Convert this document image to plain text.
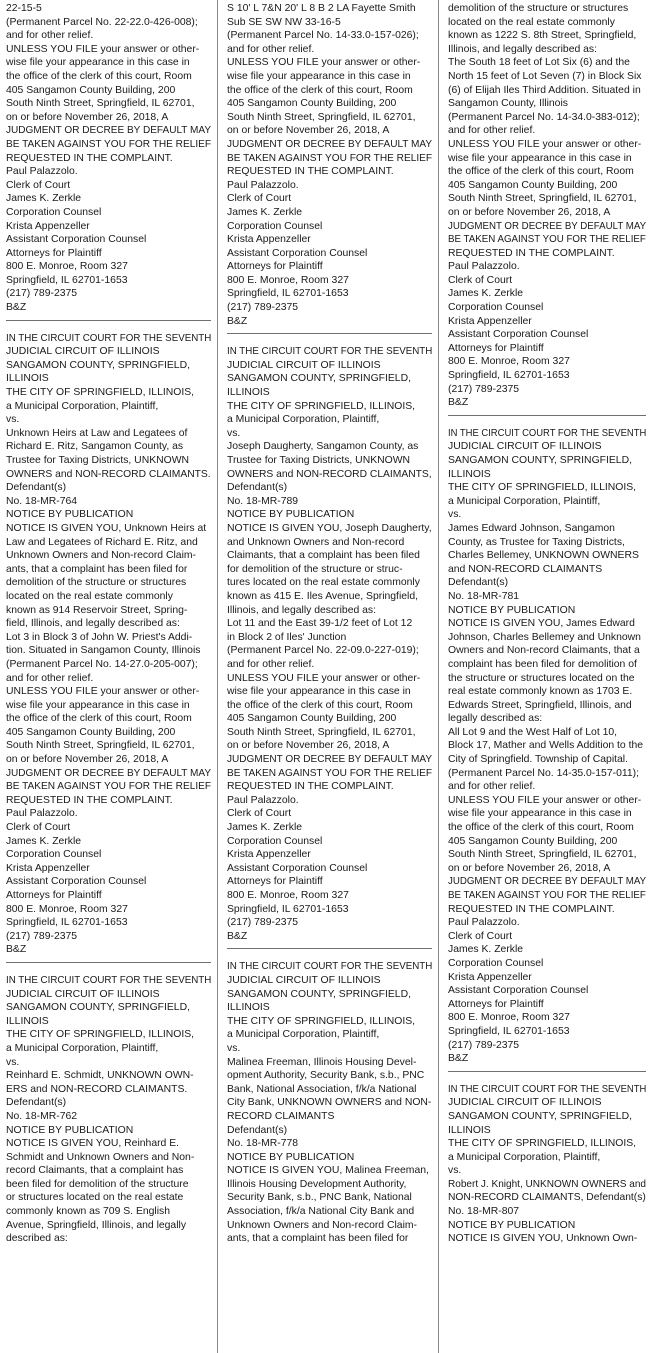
22-15-5
(Permanent Parcel No. 22-22.0-426-008);
and for other relief.
UNLESS YOU FILE your answer or other-
wise file your appearance in this case in
the office of the clerk of this court, Room
405 Sangamon County Building, 200
South Ninth Street, Springfield, IL 62701,
on or before November 26, 2018, A
JUDGMENT OR DECREE BY DEFAULT MAY
BE TAKEN AGAINST YOU FOR THE RELIEF
REQUESTED IN THE COMPLAINT.
Paul Palazzolo.
Clerk of Court
James K. Zerkle
Corporation Counsel
Krista Appenzeller
Assistant Corporation Counsel
Attorneys for Plaintiff
800 E. Monroe, Room 327
Springfield, IL 62701-1653
(217) 789-2375
B&Z
IN THE CIRCUIT COURT FOR THE SEVENTH
JUDICIAL CIRCUIT OF ILLINOIS
SANGAMON COUNTY, SPRINGFIELD,
ILLINOIS
THE CITY OF SPRINGFIELD, ILLINOIS,
a Municipal Corporation, Plaintiff,
vs.
Unknown Heirs at Law and Legatees of
Richard E. Ritz, Sangamon County, as
Trustee for Taxing Districts, UNKNOWN
OWNERS and NON-RECORD CLAIMANTS.
Defendant(s)
No. 18-MR-764
NOTICE BY PUBLICATION
NOTICE IS GIVEN YOU, Unknown Heirs at
Law and Legatees of Richard E. Ritz, and
Unknown Owners and Non-record Claim-
ants, that a complaint has been filed for
demolition of the structure or structures
located on the real estate commonly
known as 914 Reservoir Street, Spring-
field, Illinois, and legally described as:
Lot 3 in Block 3 of John W. Priest's Addi-
tion. Situated in Sangamon County, Illinois
(Permanent Parcel No. 14-27.0-205-007);
and for other relief.
UNLESS YOU FILE your answer or other-
wise file your appearance in this case in
the office of the clerk of this court, Room
405 Sangamon County Building, 200
South Ninth Street, Springfield, IL 62701,
on or before November 26, 2018, A
JUDGMENT OR DECREE BY DEFAULT MAY
BE TAKEN AGAINST YOU FOR THE RELIEF
REQUESTED IN THE COMPLAINT.
Paul Palazzolo.
Clerk of Court
James K. Zerkle
Corporation Counsel
Krista Appenzeller
Assistant Corporation Counsel
Attorneys for Plaintiff
800 E. Monroe, Room 327
Springfield, IL 62701-1653
(217) 789-2375
B&Z
IN THE CIRCUIT COURT FOR THE SEVENTH
JUDICIAL CIRCUIT OF ILLINOIS
SANGAMON COUNTY, SPRINGFIELD,
ILLINOIS
THE CITY OF SPRINGFIELD, ILLINOIS,
a Municipal Corporation, Plaintiff,
vs.
Reinhard E. Schmidt, UNKNOWN OWN-
ERS and NON-RECORD CLAIMANTS.
Defendant(s)
No. 18-MR-762
NOTICE BY PUBLICATION
NOTICE IS GIVEN YOU, Reinhard E.
Schmidt and Unknown Owners and Non-
record Claimants, that a complaint has
been filed for demolition of the structure
or structures located on the real estate
commonly known as 709 S. English
Avenue, Springfield, Illinois, and legally
described as:
S 10' L 7&N 20' L 8 B 2 LA Fayette Smith
Sub SE SW NW 33-16-5
(Permanent Parcel No. 14-33.0-157-026);
and for other relief.
UNLESS YOU FILE your answer or other-
wise file your appearance in this case in
the office of the clerk of this court, Room
405 Sangamon County Building, 200
South Ninth Street, Springfield, IL 62701,
on or before November 26, 2018, A
JUDGMENT OR DECREE BY DEFAULT MAY
BE TAKEN AGAINST YOU FOR THE RELIEF
REQUESTED IN THE COMPLAINT.
Paul Palazzolo.
Clerk of Court
James K. Zerkle
Corporation Counsel
Krista Appenzeller
Assistant Corporation Counsel
Attorneys for Plaintiff
800 E. Monroe, Room 327
Springfield, IL 62701-1653
(217) 789-2375
B&Z
IN THE CIRCUIT COURT FOR THE SEVENTH
JUDICIAL CIRCUIT OF ILLINOIS
SANGAMON COUNTY, SPRINGFIELD,
ILLINOIS
THE CITY OF SPRINGFIELD, ILLINOIS,
a Municipal Corporation, Plaintiff,
vs.
Joseph Daugherty, Sangamon County, as
Trustee for Taxing Districts, UNKNOWN
OWNERS and NON-RECORD CLAIMANTS,
Defendant(s)
No. 18-MR-789
NOTICE BY PUBLICATION
NOTICE IS GIVEN YOU, Joseph Daugherty,
and Unknown Owners and Non-record
Claimants, that a complaint has been filed
for demolition of the structure or struc-
tures located on the real estate commonly
known as 415 E. Iles Avenue, Springfield,
Illinois, and legally described as:
Lot 11 and the East 39-1/2 feet of Lot 12
in Block 2 of Iles' Junction
(Permanent Parcel No. 22-09.0-227-019);
and for other relief.
UNLESS YOU FILE your answer or other-
wise file your appearance in this case in
the office of the clerk of this court, Room
405 Sangamon County Building, 200
South Ninth Street, Springfield, IL 62701,
on or before November 26, 2018, A
JUDGMENT OR DECREE BY DEFAULT MAY
BE TAKEN AGAINST YOU FOR THE RELIEF
REQUESTED IN THE COMPLAINT.
Paul Palazzolo.
Clerk of Court
James K. Zerkle
Corporation Counsel
Krista Appenzeller
Assistant Corporation Counsel
Attorneys for Plaintiff
800 E. Monroe, Room 327
Springfield, IL 62701-1653
(217) 789-2375
B&Z
IN THE CIRCUIT COURT FOR THE SEVENTH
JUDICIAL CIRCUIT OF ILLINOIS
SANGAMON COUNTY, SPRINGFIELD,
ILLINOIS
THE CITY OF SPRINGFIELD, ILLINOIS,
a Municipal Corporation, Plaintiff,
vs.
Malinea Freeman, Illinois Housing Devel-
opment Authority, Security Bank, s.b., PNC
Bank, National Association, f/k/a National
City Bank, UNKNOWN OWNERS and NON-
RECORD CLAIMANTS
Defendant(s)
No. 18-MR-778
NOTICE BY PUBLICATION
NOTICE IS GIVEN YOU, Malinea Freeman,
Illinois Housing Development Authority,
Security Bank, s.b., PNC Bank, National
Association, f/k/a National City Bank and
Unknown Owners and Non-record Claim-
ants, that a complaint has been filed for
demolition of the structure or structures
located on the real estate commonly
known as 1222 S. 8th Street, Springfield,
Illinois, and legally described as:
The South 18 feet of Lot Six (6) and the
North 15 feet of Lot Seven (7) in Block Six
(6) of Elijah Iles Third Addition. Situated in
Sangamon County, Illinois
(Permanent Parcel No. 14-34.0-383-012);
and for other relief.
UNLESS YOU FILE your answer or other-
wise file your appearance in this case in
the office of the clerk of this court, Room
405 Sangamon County Building, 200
South Ninth Street, Springfield, IL 62701,
on or before November 26, 2018, A
JUDGMENT OR DECREE BY DEFAULT MAY
BE TAKEN AGAINST YOU FOR THE RELIEF
REQUESTED IN THE COMPLAINT.
Paul Palazzolo.
Clerk of Court
James K. Zerkle
Corporation Counsel
Krista Appenzeller
Assistant Corporation Counsel
Attorneys for Plaintiff
800 E. Monroe, Room 327
Springfield, IL 62701-1653
(217) 789-2375
B&Z
IN THE CIRCUIT COURT FOR THE SEVENTH
JUDICIAL CIRCUIT OF ILLINOIS
SANGAMON COUNTY, SPRINGFIELD,
ILLINOIS
THE CITY OF SPRINGFIELD, ILLINOIS,
a Municipal Corporation, Plaintiff,
vs.
James Edward Johnson, Sangamon
County, as Trustee for Taxing Districts,
Charles Bellemey, UNKNOWN OWNERS
and NON-RECORD CLAIMANTS
Defendant(s)
No. 18-MR-781
NOTICE BY PUBLICATION
NOTICE IS GIVEN YOU, James Edward
Johnson, Charles Bellemey and Unknown
Owners and Non-record Claimants, that a
complaint has been filed for demolition of
the structure or structures located on the
real estate commonly known as 1703 E.
Edwards Street, Springfield, Illinois, and
legally described as:
All Lot 9 and the West Half of Lot 10,
Block 17, Mather and Wells Addition to the
City of Springfield. Township of Capital.
(Permanent Parcel No. 14-35.0-157-011);
and for other relief.
UNLESS YOU FILE your answer or other-
wise file your appearance in this case in
the office of the clerk of this court, Room
405 Sangamon County Building, 200
South Ninth Street, Springfield, IL 62701,
on or before November 26, 2018, A
JUDGMENT OR DECREE BY DEFAULT MAY
BE TAKEN AGAINST YOU FOR THE RELIEF
REQUESTED IN THE COMPLAINT.
Paul Palazzolo.
Clerk of Court
James K. Zerkle
Corporation Counsel
Krista Appenzeller
Assistant Corporation Counsel
Attorneys for Plaintiff
800 E. Monroe, Room 327
Springfield, IL 62701-1653
(217) 789-2375
B&Z
IN THE CIRCUIT COURT FOR THE SEVENTH
JUDICIAL CIRCUIT OF ILLINOIS
SANGAMON COUNTY, SPRINGFIELD,
ILLINOIS
THE CITY OF SPRINGFIELD, ILLINOIS,
a Municipal Corporation, Plaintiff,
vs.
Robert J. Knight, UNKNOWN OWNERS and
NON-RECORD CLAIMANTS, Defendant(s)
No. 18-MR-807
NOTICE BY PUBLICATION
NOTICE IS GIVEN YOU, Unknown Own-
